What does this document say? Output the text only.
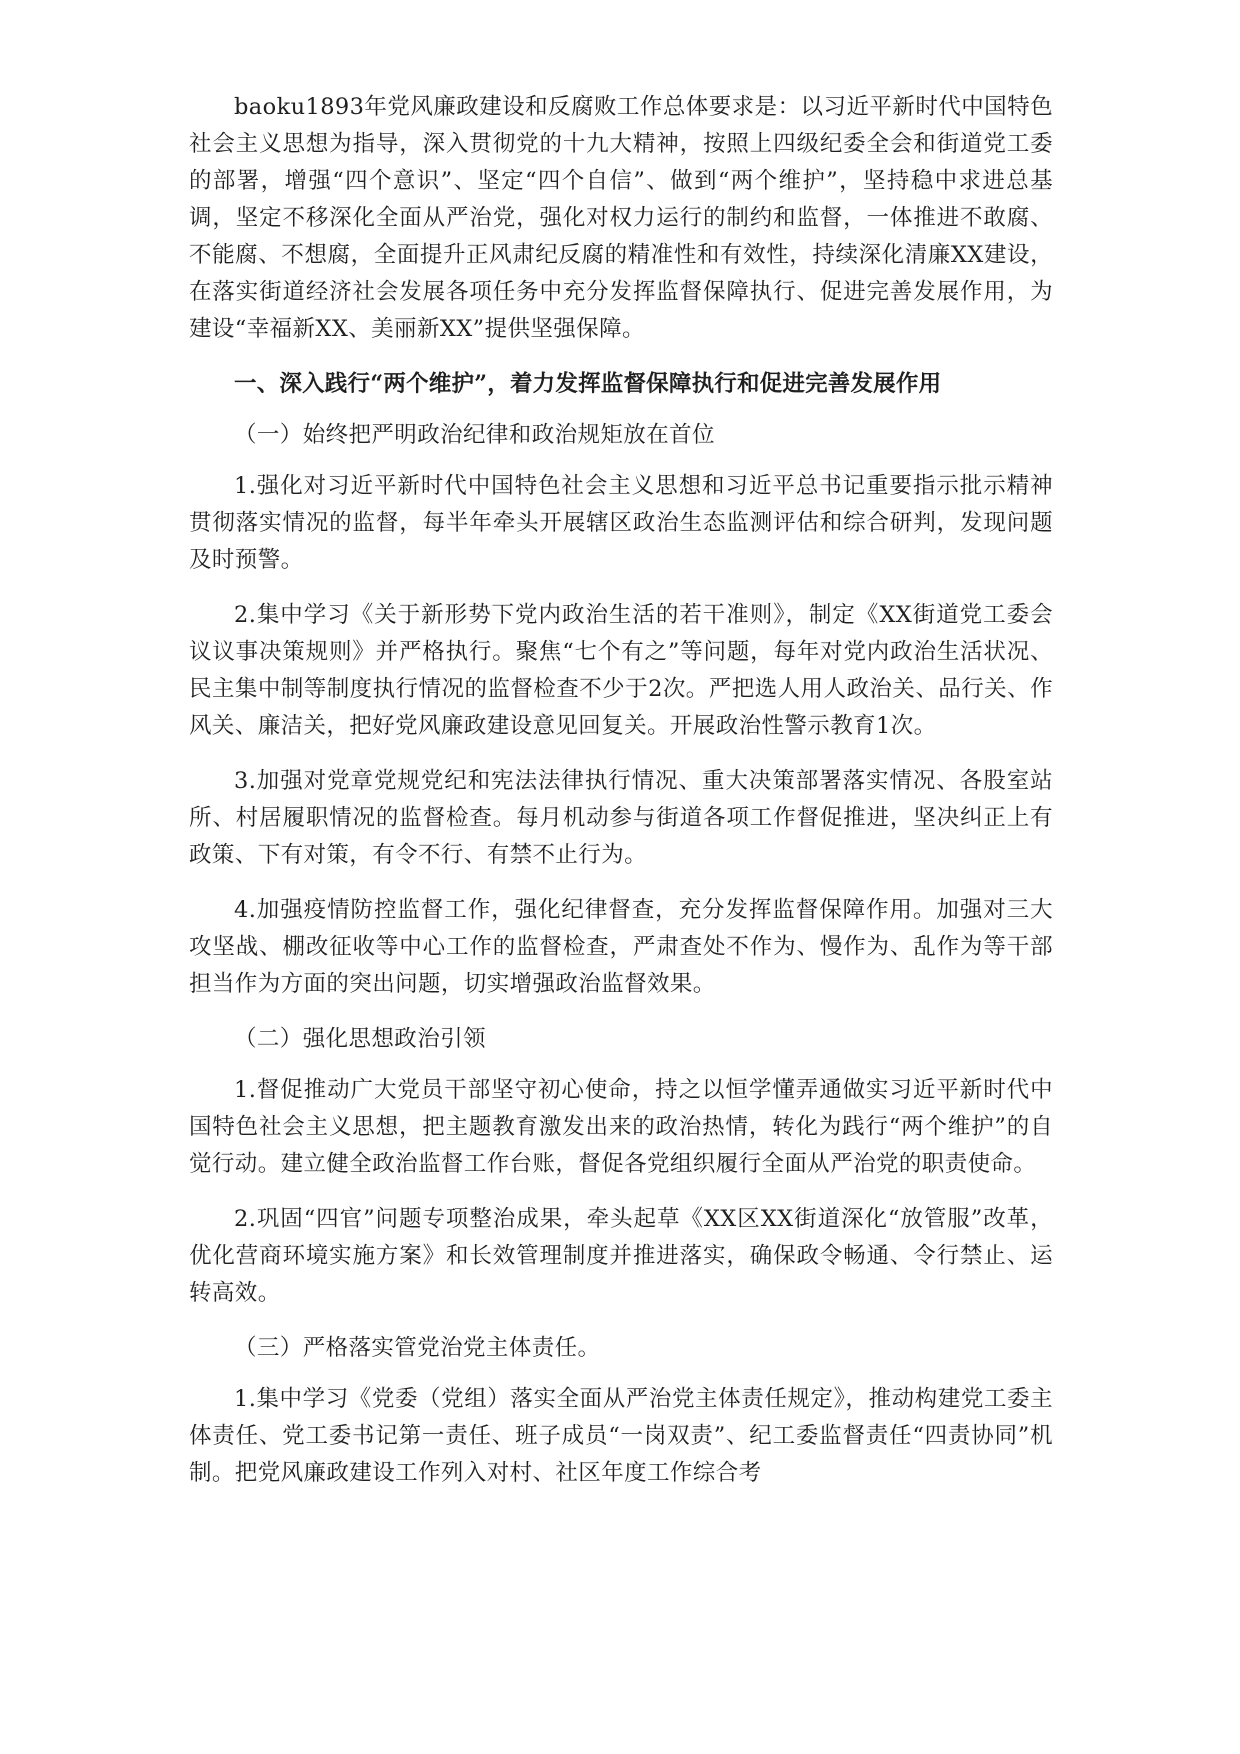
baoku1893年党风廉政建设和反腐败工作总体要求是：以习近平新时代中国特色社会主义思想为指导，深入贯彻党的十九大精神，按照上四级纪委全会和街道党工委的部署，增强“四个意识”、坚定“四个自信”、做到“两个维护”，坚持稳中求进总基调，坚定不移深化全面从严治党，强化对权力运行的制约和监督，一体推进不敢腐、不能腐、不想腐，全面提升正风肃纪反腐的精准性和有效性，持续深化清廉XX建设，在落实街道经济社会发展各项任务中充分发挥监督保障执行、促进完善发展作用，为建设“幸福新XX、美丽新XX”提供坚强保障。

一、深入践行“两个维护”，着力发挥监督保障执行和促进完善发展作用

（一）始终把严明政治纪律和政治规矩放在首位

1.强化对习近平新时代中国特色社会主义思想和习近平总书记重要指示批示精神贯彻落实情况的监督，每半年牵头开展辖区政治生态监测评估和综合研判，发现问题及时预警。

2.集中学习《关于新形势下党内政治生活的若干准则》，制定《XX街道党工委会议议事决策规则》并严格执行。聚焦“七个有之”等问题，每年对党内政治生活状况、民主集中制等制度执行情况的监督检查不少于2次。严把选人用人政治关、品行关、作风关、廉洁关，把好党风廉政建设意见回复关。开展政治性警示教育1次。

3.加强对党章党规党纪和宪法法律执行情况、重大决策部署落实情况、各股室站所、村居履职情况的监督检查。每月机动参与街道各项工作督促推进，坚决纠正上有政策、下有对策，有令不行、有禁不止行为。

4.加强疫情防控监督工作，强化纪律督查，充分发挥监督保障作用。加强对三大攻坚战、棚改征收等中心工作的监督检查，严肃查处不作为、慢作为、乱作为等干部担当作为方面的突出问题，切实增强政治监督效果。

（二）强化思想政治引领

1.督促推动广大党员干部坚守初心使命，持之以恒学懂弄通做实习近平新时代中国特色社会主义思想，把主题教育激发出来的政治热情，转化为践行“两个维护”的自觉行动。建立健全政治监督工作台账，督促各党组织履行全面从严治党的职责使命。

2.巩固“四官”问题专项整治成果，牵头起草《XX区XX街道深化“放管服”改革，优化营商环境实施方案》和长效管理制度并推进落实，确保政令畅通、令行禁止、运转高效。

（三）严格落实管党治党主体责任。

1.集中学习《党委（党组）落实全面从严治党主体责任规定》，推动构建党工委主体责任、党工委书记第一责任、班子成员“一岗双责”、纪工委监督责任“四责协同”机制。把党风廉政建设工作列入对村、社区年度工作综合考
